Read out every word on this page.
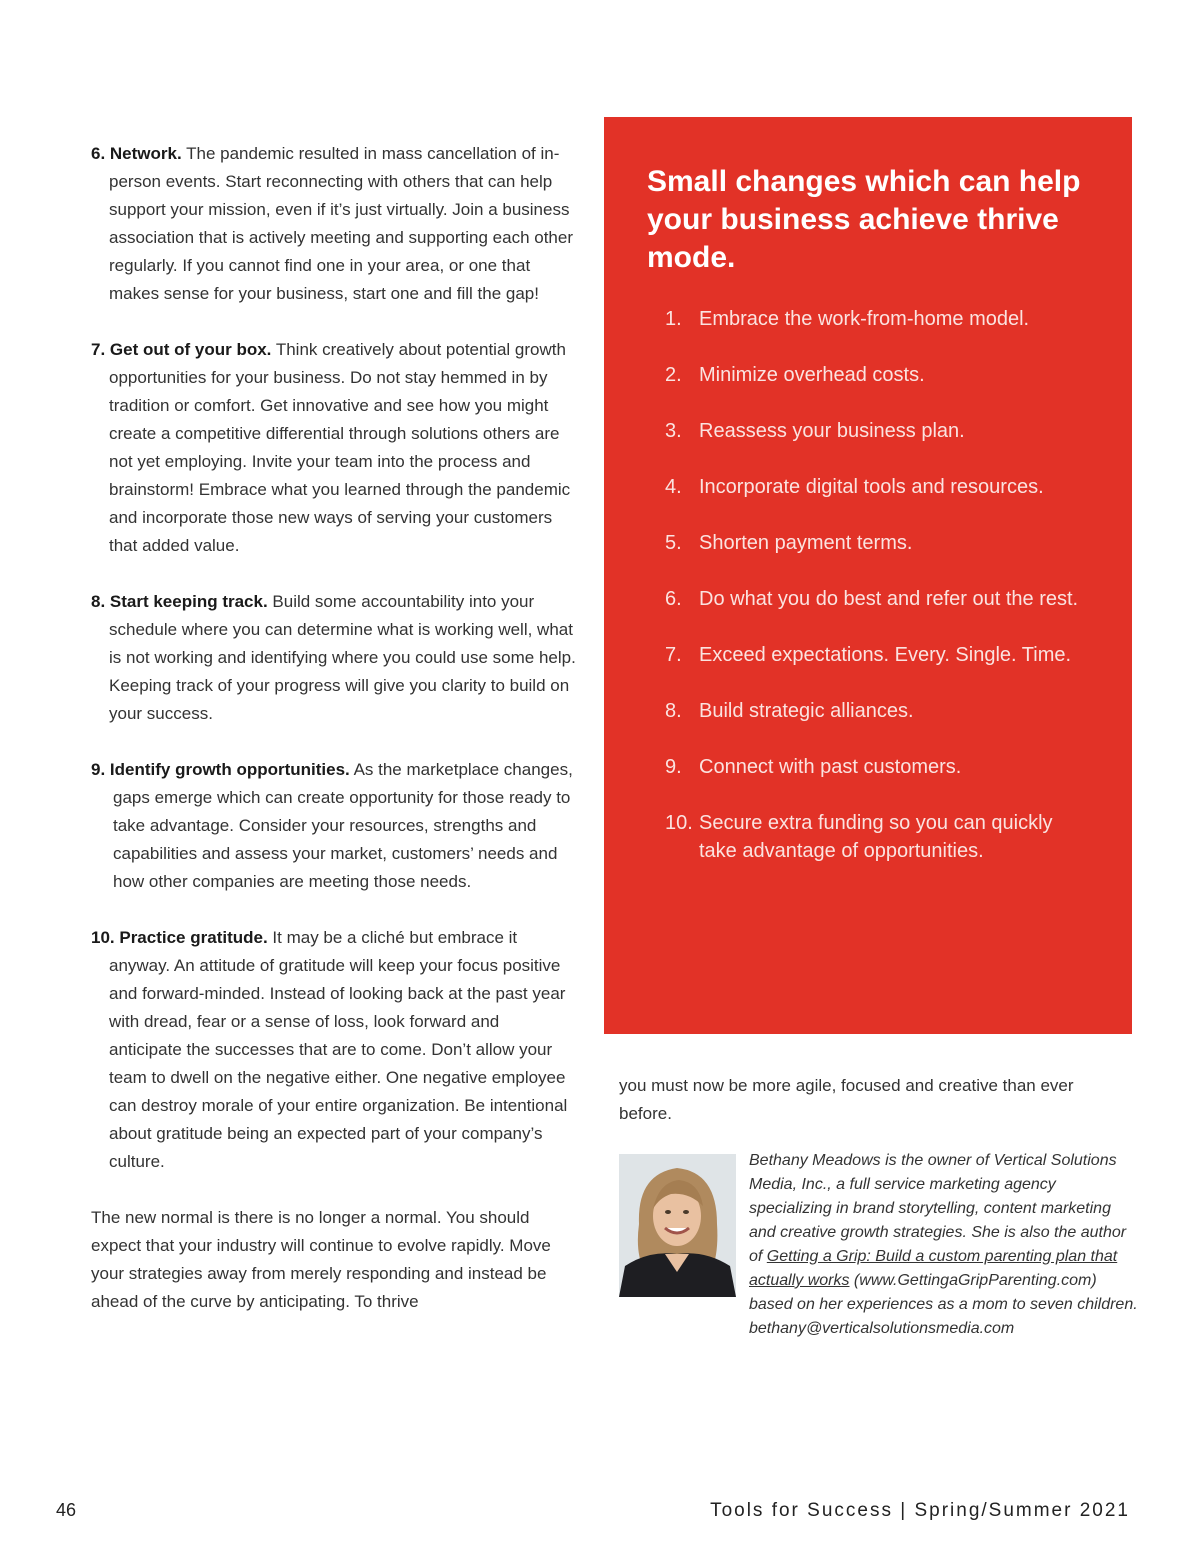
6. Network. The pandemic resulted in mass cancellation of in-person events. Start reconnecting with others that can help support your mission, even if it’s just virtually. Join a business association that is actively meeting and supporting each other regularly. If you cannot find one in your area, or one that makes sense for your business, start one and fill the gap!

7. Get out of your box. Think creatively about potential growth opportunities for your business. Do not stay hemmed in by tradition or comfort. Get innovative and see how you might create a competitive differential through solutions others are not yet employing. Invite your team into the process and brainstorm! Embrace what you learned through the pandemic and incorporate those new ways of serving your customers that added value.

8. Start keeping track. Build some accountability into your schedule where you can determine what is working well, what is not working and identifying where you could use some help. Keeping track of your progress will give you clarity to build on your success.

9. Identify growth opportunities. As the marketplace changes, gaps emerge which can create opportunity for those ready to take advantage. Consider your resources, strengths and capabilities and assess your market, customers’ needs and how other companies are meeting those needs.

10. Practice gratitude. It may be a cliché but embrace it anyway. An attitude of gratitude will keep your focus positive and forward-minded. Instead of looking back at the past year with dread, fear or a sense of loss, look forward and anticipate the successes that are to come. Don’t allow your team to dwell on the negative either. One negative employee can destroy morale of your entire organization. Be intentional about gratitude being an expected part of your company’s culture.

The new normal is there is no longer a normal. You should expect that your industry will continue to evolve rapidly. Move your strategies away from merely responding and instead be ahead of the curve by anticipating. To thrive

Small changes which can help your business achieve thrive mode.
1. Embrace the work-from-home model.
2. Minimize overhead costs.
3. Reassess your business plan.
4. Incorporate digital tools and resources.
5. Shorten payment terms.
6. Do what you do best and refer out the rest.
7. Exceed expectations. Every. Single. Time.
8. Build strategic alliances.
9. Connect with past customers.
10. Secure extra funding so you can quickly take advantage of opportunities.

you must now be more agile, focused and creative than ever before.

Bethany Meadows is the owner of Vertical Solutions Media, Inc., a full service marketing agency specializing in brand storytelling, content marketing and creative growth strategies. She is also the author of Getting a Grip: Build a custom parenting plan that actually works (www.GettingaGripParenting.com) based on her experiences as a mom to seven children.
bethany@verticalsolutionsmedia.com

46	Tools for Success | Spring/Summer 2021
